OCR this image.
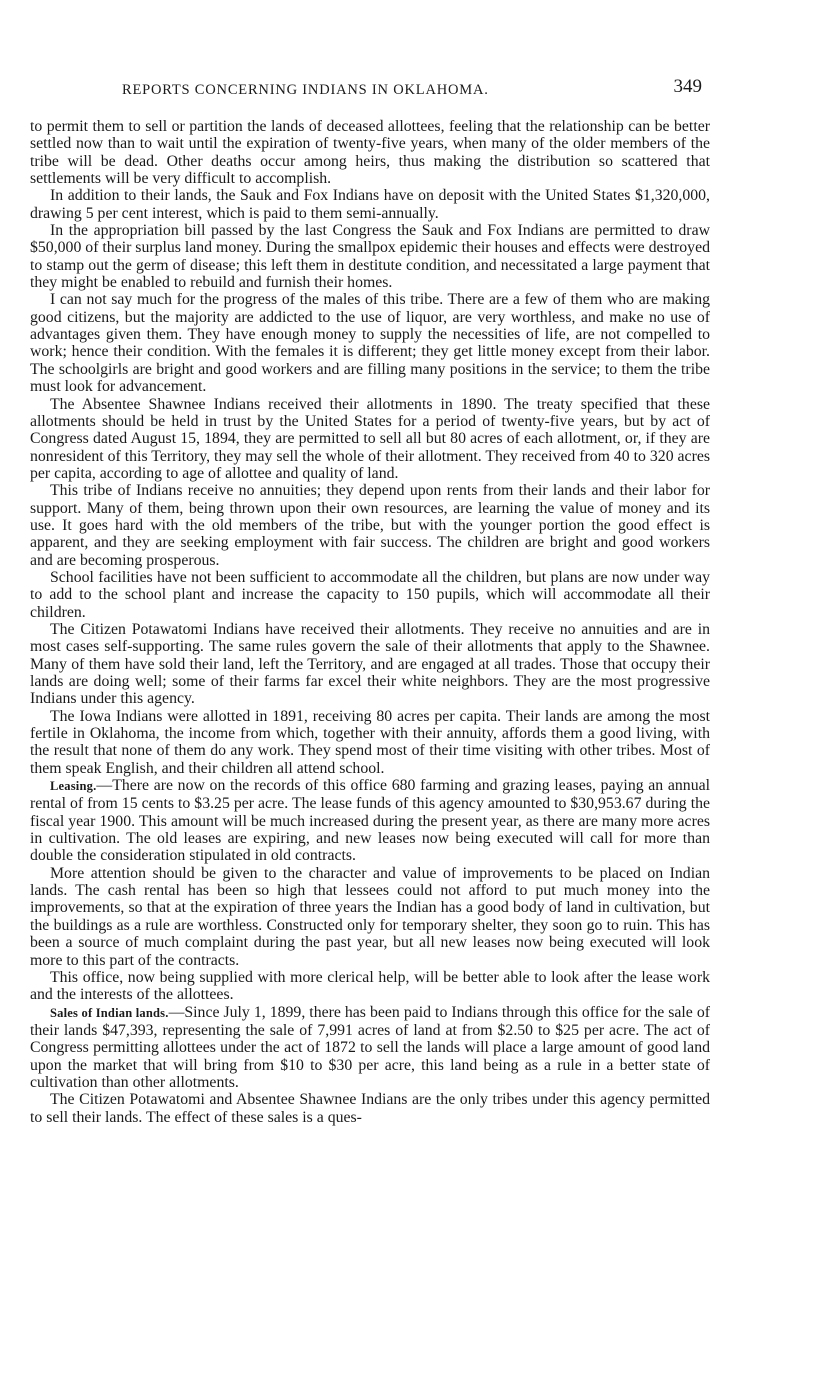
REPORTS CONCERNING INDIANS IN OKLAHOMA.	349

to permit them to sell or partition the lands of deceased allottees, feeling that the relationship can be better settled now than to wait until the expiration of twenty-five years, when many of the older members of the tribe will be dead. Other deaths occur among heirs, thus making the distribution so scattered that settlements will be very difficult to accomplish.

In addition to their lands, the Sauk and Fox Indians have on deposit with the United States $1,320,000, drawing 5 per cent interest, which is paid to them semi-annually.

In the appropriation bill passed by the last Congress the Sauk and Fox Indians are permitted to draw $50,000 of their surplus land money. During the smallpox epidemic their houses and effects were destroyed to stamp out the germ of disease; this left them in destitute condition, and necessitated a large payment that they might be enabled to rebuild and furnish their homes.

I can not say much for the progress of the males of this tribe. There are a few of them who are making good citizens, but the majority are addicted to the use of liquor, are very worthless, and make no use of advantages given them. They have enough money to supply the necessities of life, are not compelled to work; hence their condition. With the females it is different; they get little money except from their labor. The schoolgirls are bright and good workers and are filling many positions in the service; to them the tribe must look for advancement.

The Absentee Shawnee Indians received their allotments in 1890. The treaty specified that these allotments should be held in trust by the United States for a period of twenty-five years, but by act of Congress dated August 15, 1894, they are permitted to sell all but 80 acres of each allotment, or, if they are nonresident of this Territory, they may sell the whole of their allotment. They received from 40 to 320 acres per capita, according to age of allottee and quality of land.

This tribe of Indians receive no annuities; they depend upon rents from their lands and their labor for support. Many of them, being thrown upon their own resources, are learning the value of money and its use. It goes hard with the old members of the tribe, but with the younger portion the good effect is apparent, and they are seeking employment with fair success. The children are bright and good workers and are becoming prosperous.

School facilities have not been sufficient to accommodate all the children, but plans are now under way to add to the school plant and increase the capacity to 150 pupils, which will accommodate all their children.

The Citizen Potawatomi Indians have received their allotments. They receive no annuities and are in most cases self-supporting. The same rules govern the sale of their allotments that apply to the Shawnee. Many of them have sold their land, left the Territory, and are engaged at all trades. Those that occupy their lands are doing well; some of their farms far excel their white neighbors. They are the most progressive Indians under this agency.

The Iowa Indians were allotted in 1891, receiving 80 acres per capita. Their lands are among the most fertile in Oklahoma, the income from which, together with their annuity, affords them a good living, with the result that none of them do any work. They spend most of their time visiting with other tribes. Most of them speak English, and their children all attend school.

Leasing.—There are now on the records of this office 680 farming and grazing leases, paying an annual rental of from 15 cents to $3.25 per acre. The lease funds of this agency amounted to $30,953.67 during the fiscal year 1900. This amount will be much increased during the present year, as there are many more acres in cultivation. The old leases are expiring, and new leases now being executed will call for more than double the consideration stipulated in old contracts.

More attention should be given to the character and value of improvements to be placed on Indian lands. The cash rental has been so high that lessees could not afford to put much money into the improvements, so that at the expiration of three years the Indian has a good body of land in cultivation, but the buildings as a rule are worthless. Constructed only for temporary shelter, they soon go to ruin. This has been a source of much complaint during the past year, but all new leases now being executed will look more to this part of the contracts.

This office, now being supplied with more clerical help, will be better able to look after the lease work and the interests of the allottees.

Sales of Indian lands.—Since July 1, 1899, there has been paid to Indians through this office for the sale of their lands $47,393, representing the sale of 7,991 acres of land at from $2.50 to $25 per acre. The act of Congress permitting allottees under the act of 1872 to sell the lands will place a large amount of good land upon the market that will bring from $10 to $30 per acre, this land being as a rule in a better state of cultivation than other allotments.

The Citizen Potawatomi and Absentee Shawnee Indians are the only tribes under this agency permitted to sell their lands. The effect of these sales is a ques-
